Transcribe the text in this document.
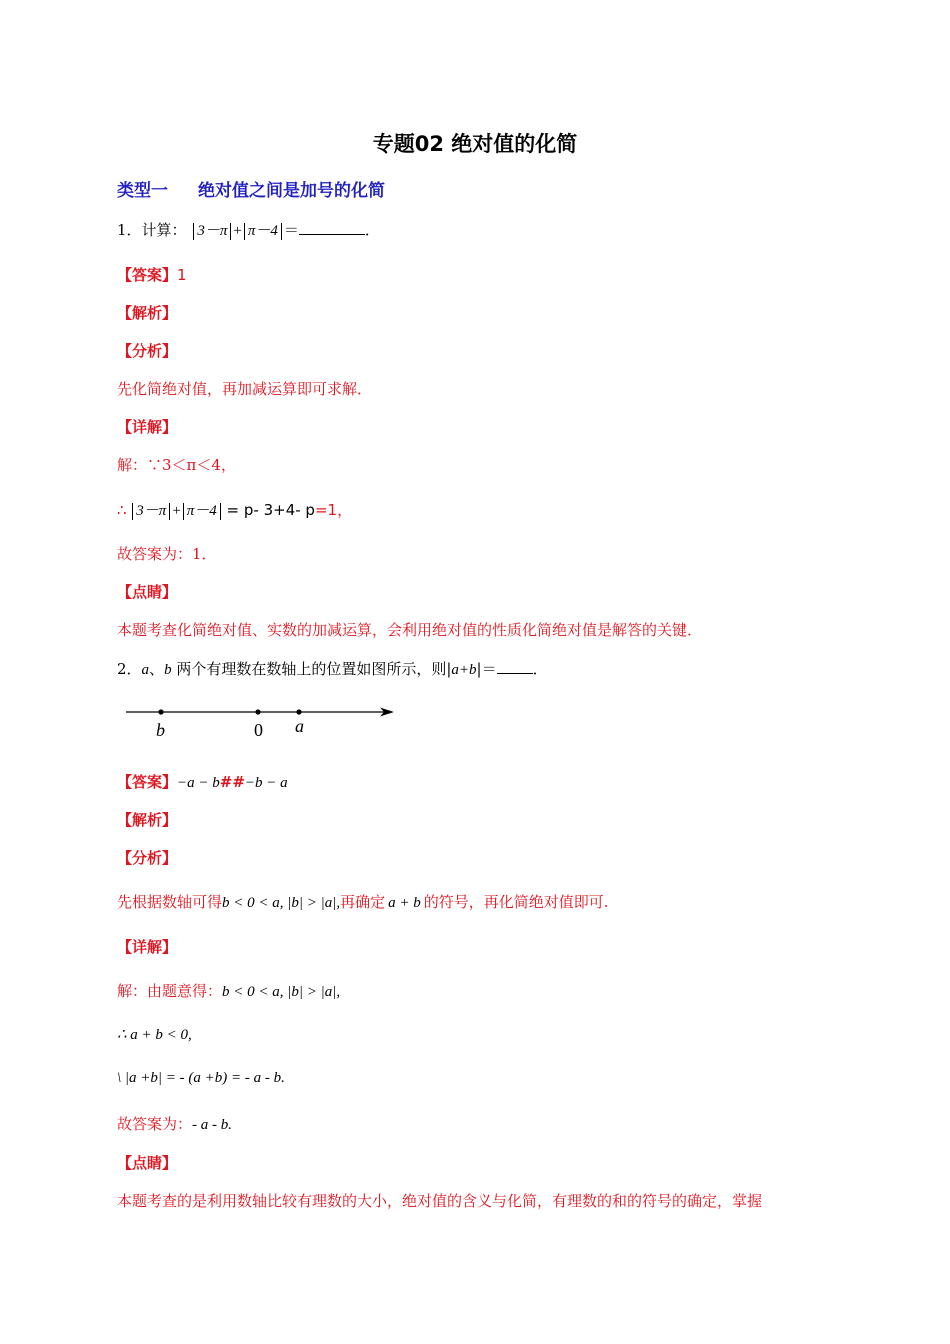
专题02 绝对值的化简
类型一 绝对值之间是加号的化简
1．计算： 3－π + π－4 ＝	．
【答案】1
【解析】
【分析】
先化简绝对值，再加减运算即可求解．
【详解】
解：∵3＜π＜4，
∴ 3－π + π－4 = p- 3+4- p=1，
故答案为：1．
【点睛】
本题考查化简绝对值、实数的加减运算，会利用绝对值的性质化简绝对值是解答的关键．
2．a、b 两个有理数在数轴上的位置如图所示，则|a+b|＝ ．
b	0 a
【答案】−a − b##−b − a
【解析】
【分析】
先根据数轴可得b < 0 < a, |b| > |a|,再确定 a + b 的符号，再化简绝对值即可.
【详解】
解：由题意得：b < 0 < a, |b| > |a|,
∴ a + b < 0,
\ |a +b| = - (a +b) = - a - b.
故答案为：- a - b.
【点睛】
本题考查的是利用数轴比较有理数的大小，绝对值的含义与化简，有理数的和的符号的确定，掌握
